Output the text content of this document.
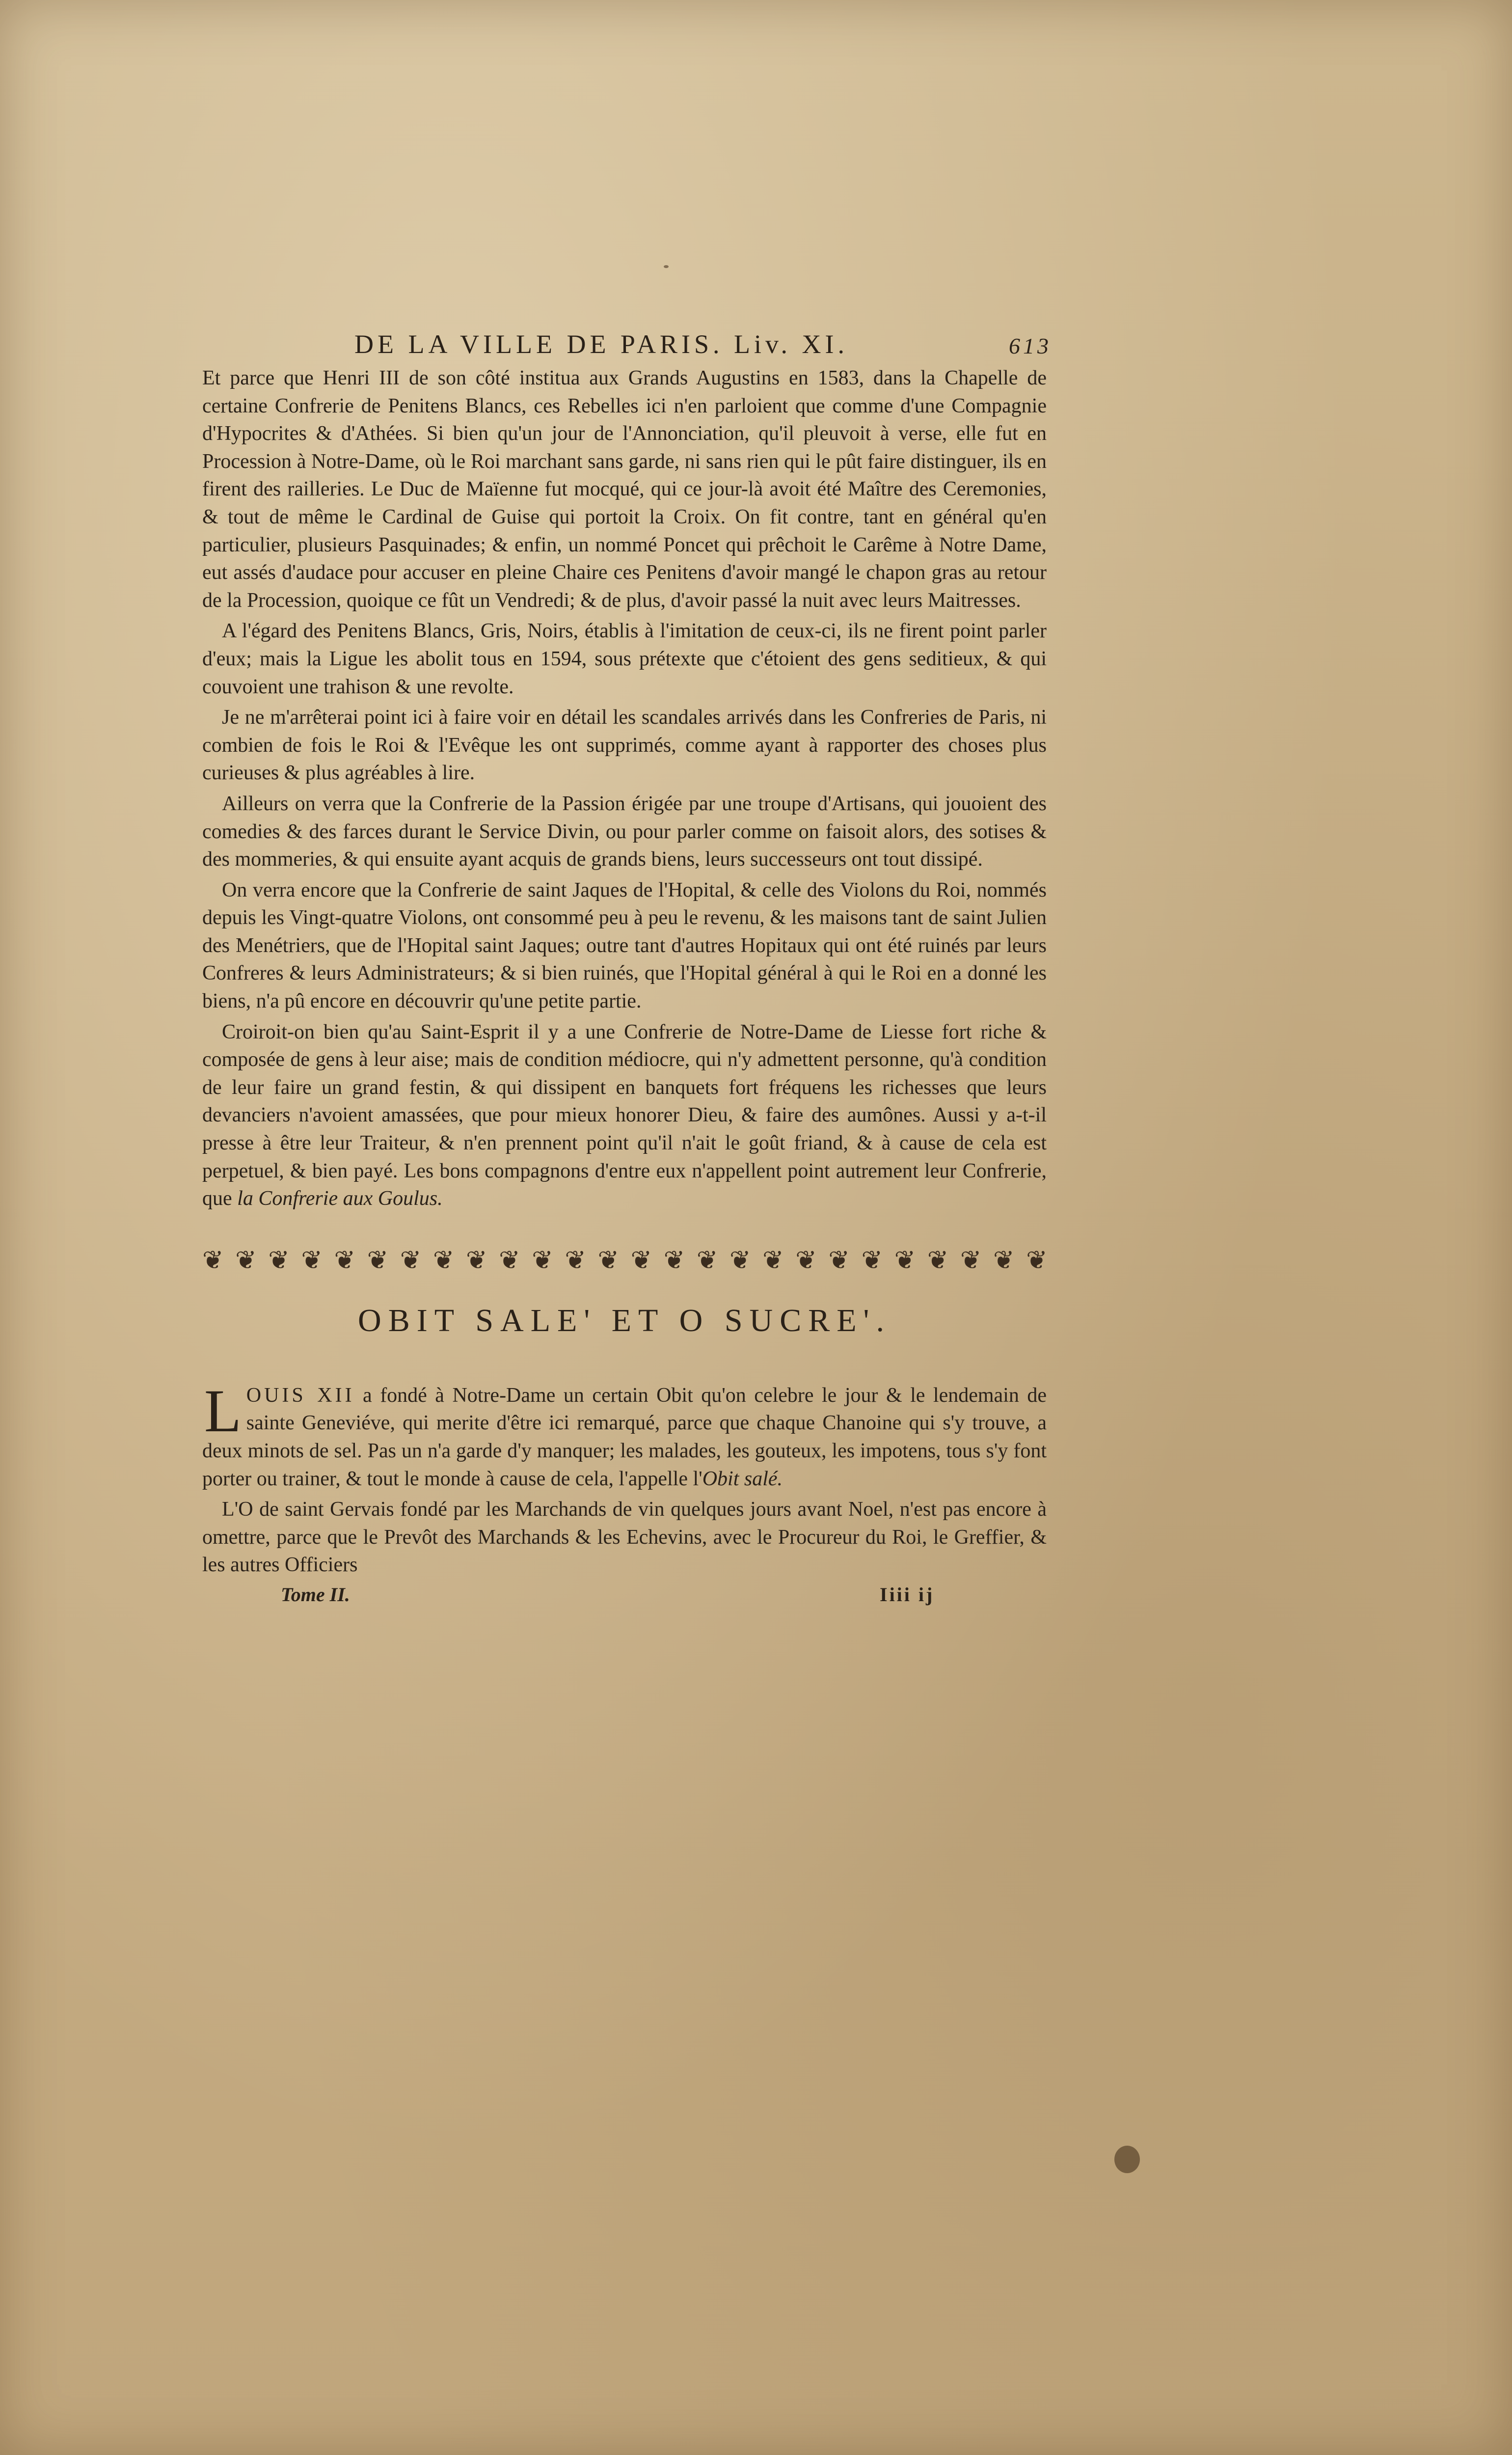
DE LA VILLE DE PARIS. Liv. XI.	613

Et parce que Henri III de son côté institua aux Grands Augustins en 1583, dans la Chapelle de certaine Confrerie de Penitens Blancs, ces Rebelles ici n'en parloient que comme d'une Compagnie d'Hypocrites & d'Athées. Si bien qu'un jour de l'Annonciation, qu'il pleuvoit à verse, elle fut en Procession à Notre-Dame, où le Roi marchant sans garde, ni sans rien qui le pût faire distinguer, ils en firent des railleries. Le Duc de Maïenne fut mocqué, qui ce jour-là avoit été Maître des Ceremonies, & tout de même le Cardinal de Guise qui portoit la Croix. On fit contre, tant en général qu'en particulier, plusieurs Pasquinades; & enfin, un nommé Poncet qui prêchoit le Carême à Notre Dame, eut assés d'audace pour accuser en pleine Chaire ces Penitens d'avoir mangé le chapon gras au retour de la Procession, quoique ce fût un Vendredi; & de plus, d'avoir passé la nuit avec leurs Maitresses.

A l'égard des Penitens Blancs, Gris, Noirs, établis à l'imitation de ceux-ci, ils ne firent point parler d'eux; mais la Ligue les abolit tous en 1594, sous prétexte que c'étoient des gens seditieux, & qui couvoient une trahison & une revolte.

Je ne m'arrêterai point ici à faire voir en détail les scandales arrivés dans les Confreries de Paris, ni combien de fois le Roi & l'Evêque les ont supprimés, comme ayant à rapporter des choses plus curieuses & plus agréables à lire.

Ailleurs on verra que la Confrerie de la Passion érigée par une troupe d'Artisans, qui jouoient des comedies & des farces durant le Service Divin, ou pour parler comme on faisoit alors, des sotises & des mommeries, & qui ensuite ayant acquis de grands biens, leurs successeurs ont tout dissipé.

On verra encore que la Confrerie de saint Jaques de l'Hopital, & celle des Violons du Roi, nommés depuis les Vingt-quatre Violons, ont consommé peu à peu le revenu, & les maisons tant de saint Julien des Menétriers, que de l'Hopital saint Jaques; outre tant d'autres Hopitaux qui ont été ruinés par leurs Confreres & leurs Administrateurs; & si bien ruinés, que l'Hopital général à qui le Roi en a donné les biens, n'a pû encore en découvrir qu'une petite partie.

Croiroit-on bien qu'au Saint-Esprit il y a une Confrerie de Notre-Dame de Liesse fort riche & composée de gens à leur aise; mais de condition médiocre, qui n'y admettent personne, qu'à condition de leur faire un grand festin, & qui dissipent en banquets fort fréquens les richesses que leurs devanciers n'avoient amassées, que pour mieux honorer Dieu, & faire des aumônes. Aussi y a-t-il presse à être leur Traiteur, & n'en prennent point qu'il n'ait le goût friand, & à cause de cela est perpetuel, & bien payé. Les bons compagnons d'entre eux n'appellent point autrement leur Confrerie, que la Confrerie aux Goulus.

❦ ❦ ❦ ❦ ❦ ❦ ❦ ❦ ❦ ❦ ❦ ❦ ❦ ❦ ❦ ❦ ❦ ❦ ❦ ❦ ❦ ❦ ❦ ❦ ❦ ❦
OBIT SALE' ET O SUCRE'.

LOUIS XII a fondé à Notre-Dame un certain Obit qu'on celebre le jour & le lendemain de sainte Geneviéve, qui merite d'être ici remarqué, parce que chaque Chanoine qui s'y trouve, a deux minots de sel. Pas un n'a garde d'y manquer; les malades, les gouteux, les impotens, tous s'y font porter ou trainer, & tout le monde à cause de cela, l'appelle l'Obit salé.

L'O de saint Gervais fondé par les Marchands de vin quelques jours avant Noel, n'est pas encore à omettre, parce que le Prevôt des Marchands & les Echevins, avec le Procureur du Roi, le Greffier, & les autres Officiers

Tome II.	Iiii ij
